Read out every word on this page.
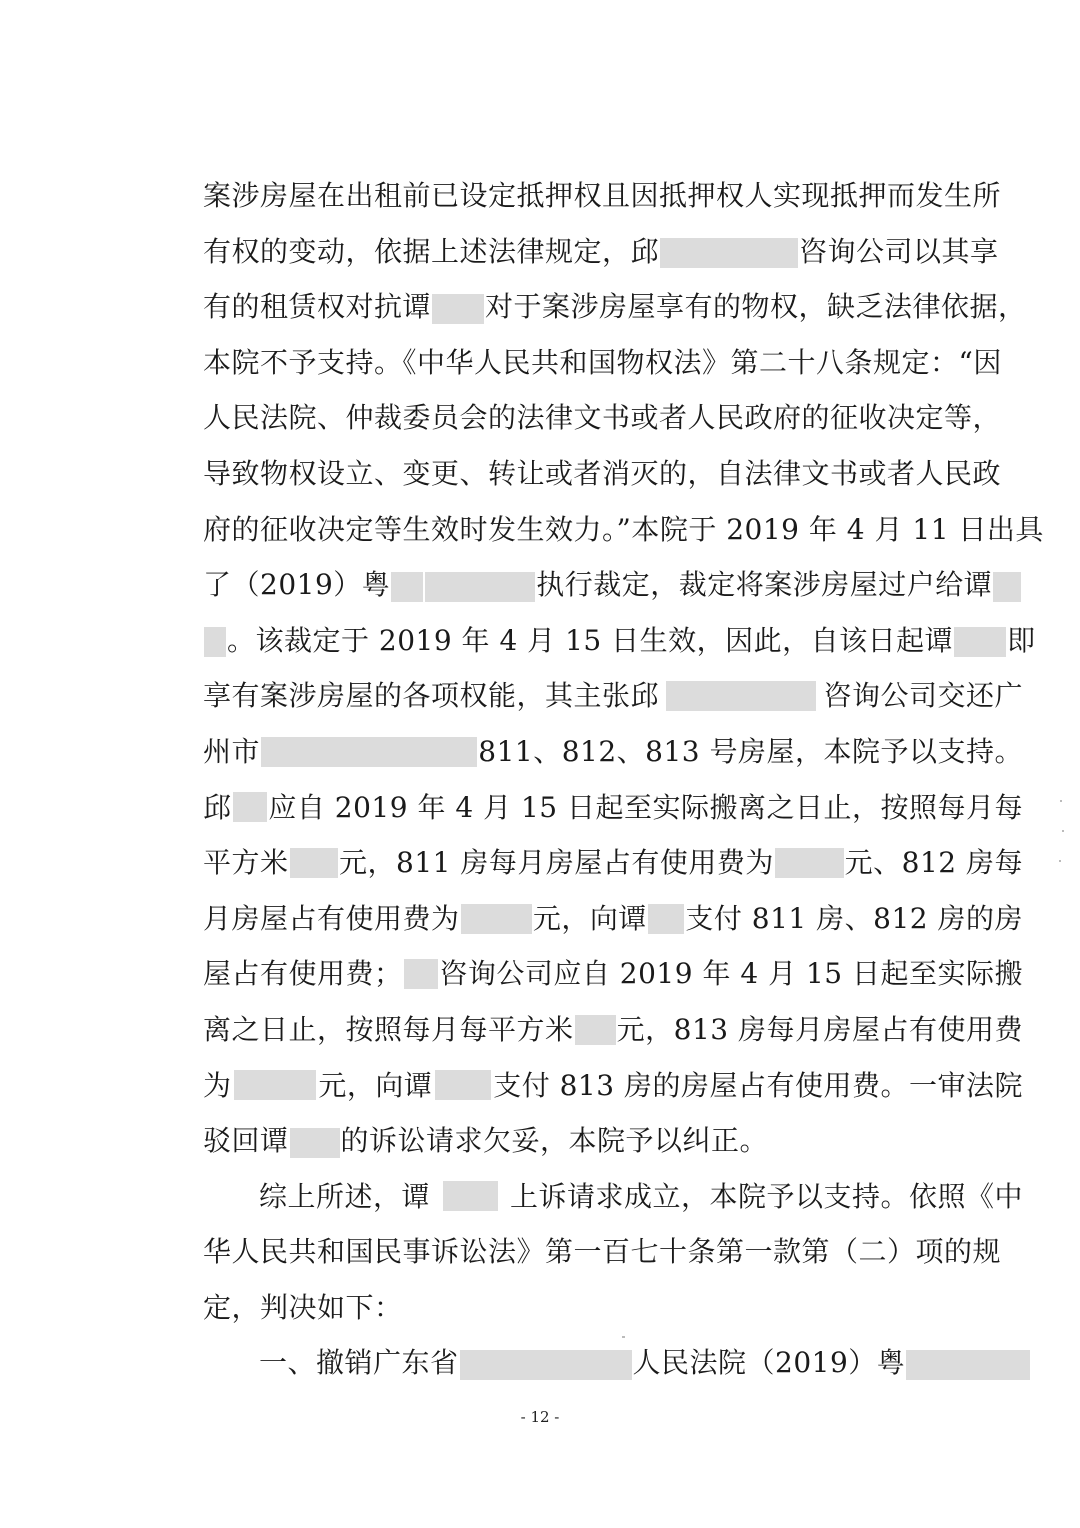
案涉房屋在出租前已设定抵押权且因抵押权人实现抵押而发生所
有权的变动，依据上述法律规定，邱	咨询公司以其享
有的租赁权对抗谭 对于案涉房屋享有的物权，缺乏法律依据，
本院不予支持。《中华人民共和国物权法》第二十八条规定：“因
人民法院、仲裁委员会的法律文书或者人民政府的征收决定等，
导致物权设立、变更、转让或者消灭的，自法律文书或者人民政
府的征收决定等生效时发生效力。”本院于 2019 年 4 月 11 日出具
了（2019）粤	执行裁定，裁定将案涉房屋过户给谭
。该裁定于 2019 年 4 月 15 日生效，因此，自该日起谭 即
享有案涉房屋的各项权能，其主张邱	咨询公司交还广
州市	811、812、813 号房屋，本院予以支持。
邱 应自 2019 年 4 月 15 日起至实际搬离之日止，按照每月每
平方米 元，811 房每月房屋占有使用费为	元、812 房每
月房屋占有使用费为	元，向谭 支付 811 房、812 房的房
屋占有使用费； 咨询公司应自 2019 年 4 月 15 日起至实际搬
离之日止，按照每月每平方米 元，813 房每月房屋占有使用费
为	元，向谭 支付 813 房的房屋占有使用费。一审法院
驳回谭 的诉讼请求欠妥，本院予以纠正。
综上所述，谭	上诉请求成立，本院予以支持。依照《中
华人民共和国民事诉讼法》第一百七十条第一款第（二）项的规
定，判决如下：
一、撤销广东省	人民法院（2019）粤
- 12 -
